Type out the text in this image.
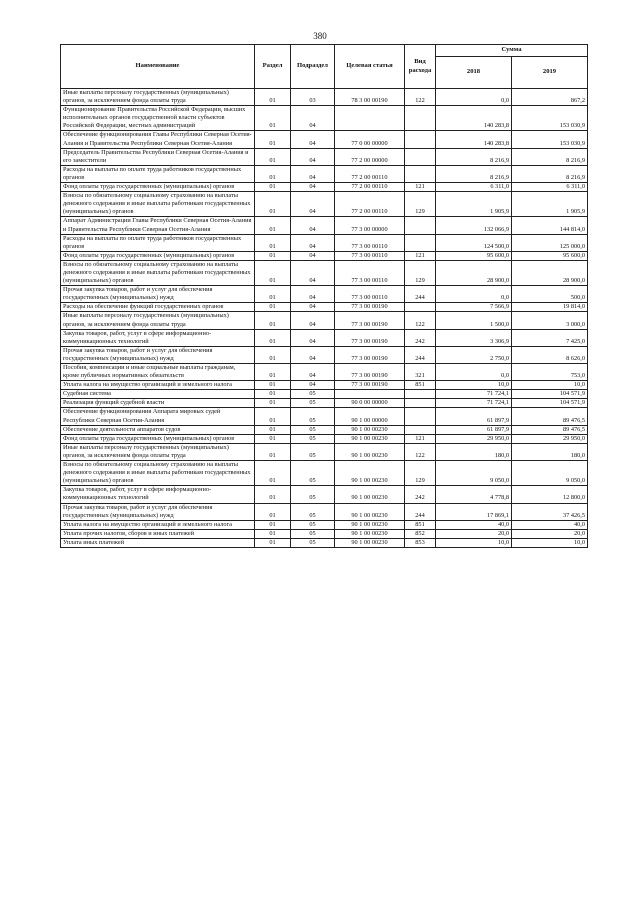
380
Наименование	Раздел	Подраздел	Целевая статья	Вид расхода	Сумма	
					2018	2019
Иные выплаты персоналу государственных (муниципальных) органов, за исключением фонда оплаты труда	01	03	78 3 00 00190	122	0,0	867,2
Функционирование Правительства Российской Федерации, высших исполнительных органов государственной власти субъектов Российской Федерации, местных администраций	01	04			140 283,8	153 030,9
Обеспечение функционирования Главы Республики Северная Осетия-Алания и Правительства Республики Северная Осетия-Алания	01	04	77 0 00 00000		140 283,8	153 030,9
Председатель Правительства Республики Северная Осетия-Алания и его заместители	01	04	77 2 00 00000		8 216,9	8 216,9
Расходы на выплаты по оплате труда работников государственных органов	01	04	77 2 00 00110		8 216,9	8 216,9
Фонд оплаты труда государственных (муниципальных) органов	01	04	77 2 00 00110	121	6 311,0	6 311,0
Взносы по обязательному социальному страхованию на выплаты денежного содержания и иные выплаты работникам государственных (муниципальных) органов	01	04	77 2 00 00110	129	1 905,9	1 905,9
Аппарат Администрации Главы Республики Северная Осетия-Алания и Правительства Республики Северная Осетия-Алания	01	04	77 3 00 00000		132 066,9	144 814,0
Расходы на выплаты по оплате труда работников государственных органов	01	04	77 3 00 00110		124 500,0	125 000,0
Фонд оплаты труда государственных (муниципальных) органов	01	04	77 3 00 00110	121	95 600,0	95 600,0
Взносы по обязательному социальному страхованию на выплаты денежного содержания и иные выплаты работникам государственных (муниципальных) органов	01	04	77 3 00 00110	129	28 900,0	28 900,0
Прочая закупка товаров, работ и услуг для обеспечения государственных (муниципальных) нужд	01	04	77 3 00 00110	244	0,0	500,0
Расходы на обеспечение функций государственных органов	01	04	77 3 00 00190		7 566,9	19 814,0
Иные выплаты персоналу государственных (муниципальных) органов, за исключением фонда оплаты труда	01	04	77 3 00 00190	122	1 500,0	3 000,0
Закупка товаров, работ, услуг в сфере информационно-коммуникационных технологий	01	04	77 3 00 00190	242	3 306,9	7 425,0
Прочая закупка товаров, работ и услуг для обеспечения государственных (муниципальных) нужд	01	04	77 3 00 00190	244	2 750,0	8 626,0
Пособия, компенсации и иные социальные выплаты гражданам, кроме публичных нормативных обязательств	01	04	77 3 00 00190	321	0,0	753,0
Уплата налога на имущество организаций и земельного налога	01	04	77 3 00 00190	851	10,0	10,0
Судебная система	01	05			71 724,1	104 571,9
Реализация функций судебной власти	01	05	90 0 00 00000		71 724,1	104 571,9
Обеспечение функционирования Аппарата мировых судей Республики Северная Осетия-Алания	01	05	90 1 00 00000		61 897,9	89 476,5
Обеспечение деятельности аппаратов судов	01	05	90 1 00 00230		61 897,9	89 476,5
Фонд оплаты труда государственных (муниципальных) органов	01	05	90 1 00 00230	121	29 950,0	29 950,0
Иные выплаты персоналу государственных (муниципальных) органов, за исключением фонда оплаты труда	01	05	90 1 00 00230	122	180,0	180,0
Взносы по обязательному социальному страхованию на выплаты денежного содержания и иные выплаты работникам государственных (муниципальных) органов	01	05	90 1 00 00230	129	9 050,0	9 050,0
Закупка товаров, работ, услуг в сфере информационно-коммуникационных технологий	01	05	90 1 00 00230	242	4 778,8	12 800,0
Прочая закупка товаров, работ и услуг для обеспечения государственных (муниципальных) нужд	01	05	90 1 00 00230	244	17 869,1	37 426,5
Уплата налога на имущество организаций и земельного налога	01	05	90 1 00 00230	851	40,0	40,0
Уплата прочих налогов, сборов и иных платежей	01	05	90 1 00 00230	852	20,0	20,0
Уплата иных платежей	01	05	90 1 00 00230	853	10,0	10,0
